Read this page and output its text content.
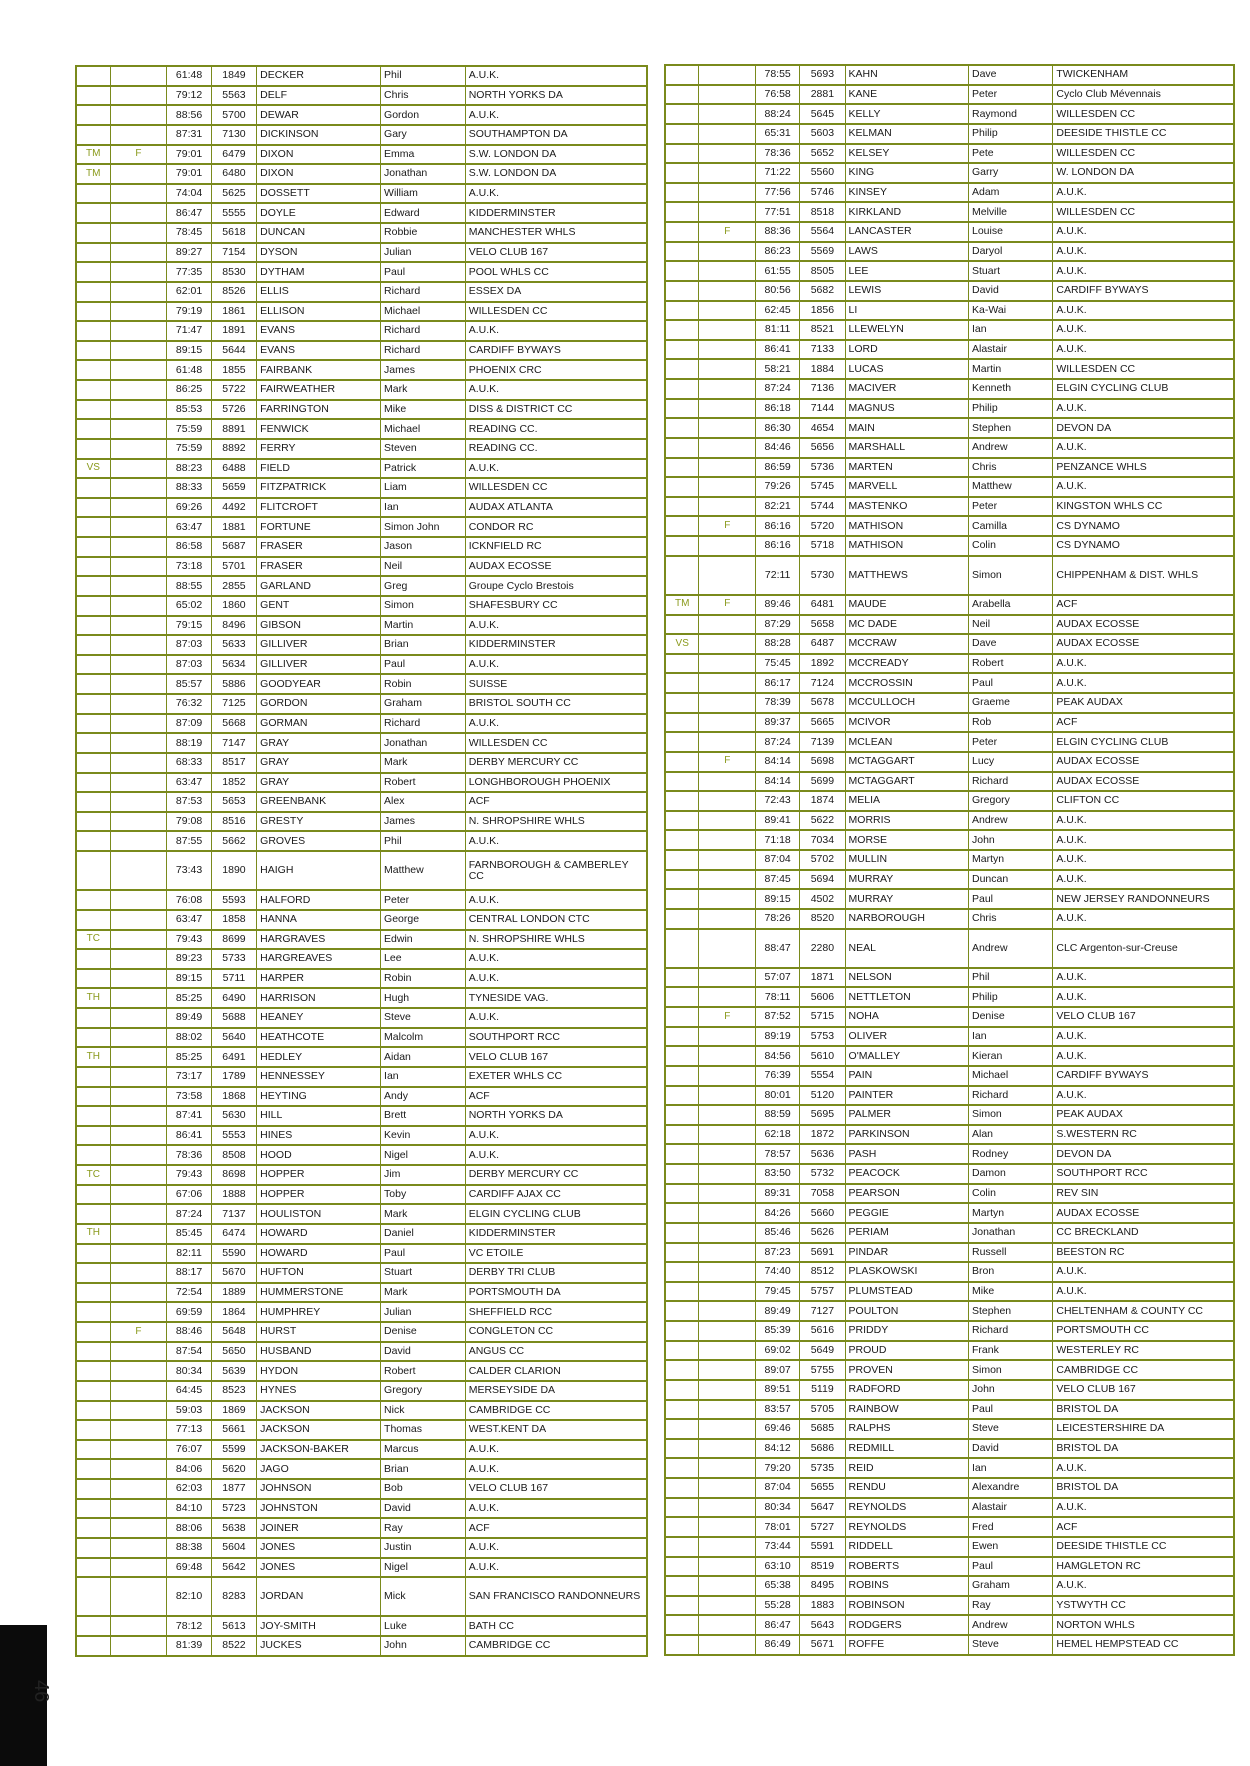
		61:48	1849	DECKER	Phil	A.U.K.
		79:12	5563	DELF	Chris	NORTH YORKS DA
		88:56	5700	DEWAR	Gordon	A.U.K.
		87:31	7130	DICKINSON	Gary	SOUTHAMPTON DA
TM	F	79:01	6479	DIXON	Emma	S.W. LONDON DA
TM		79:01	6480	DIXON	Jonathan	S.W. LONDON DA
		74:04	5625	DOSSETT	William	A.U.K.
		86:47	5555	DOYLE	Edward	KIDDERMINSTER
		78:45	5618	DUNCAN	Robbie	MANCHESTER WHLS
		89:27	7154	DYSON	Julian	VELO CLUB 167
		77:35	8530	DYTHAM	Paul	POOL WHLS CC
		62:01	8526	ELLIS	Richard	ESSEX DA
		79:19	1861	ELLISON	Michael	WILLESDEN CC
		71:47	1891	EVANS	Richard	A.U.K.
		89:15	5644	EVANS	Richard	CARDIFF BYWAYS
		61:48	1855	FAIRBANK	James	PHOENIX CRC
		86:25	5722	FAIRWEATHER	Mark	A.U.K.
		85:53	5726	FARRINGTON	Mike	DISS & DISTRICT CC
		75:59	8891	FENWICK	Michael	READING CC.
		75:59	8892	FERRY	Steven	READING CC.
VS		88:23	6488	FIELD	Patrick	A.U.K.
		88:33	5659	FITZPATRICK	Liam	WILLESDEN CC
		69:26	4492	FLITCROFT	Ian	AUDAX ATLANTA
		63:47	1881	FORTUNE	Simon John	CONDOR RC
		86:58	5687	FRASER	Jason	ICKNFIELD RC
		73:18	5701	FRASER	Neil	AUDAX ECOSSE
		88:55	2855	GARLAND	Greg	Groupe Cyclo Brestois
		65:02	1860	GENT	Simon	SHAFESBURY CC
		79:15	8496	GIBSON	Martin	A.U.K.
		87:03	5633	GILLIVER	Brian	KIDDERMINSTER
		87:03	5634	GILLIVER	Paul	A.U.K.
		85:57	5886	GOODYEAR	Robin	SUISSE
		76:32	7125	GORDON	Graham	BRISTOL SOUTH CC
		87:09	5668	GORMAN	Richard	A.U.K.
		88:19	7147	GRAY	Jonathan	WILLESDEN CC
		68:33	8517	GRAY	Mark	DERBY MERCURY CC
		63:47	1852	GRAY	Robert	LONGHBOROUGH PHOENIX
		87:53	5653	GREENBANK	Alex	ACF
		79:08	8516	GRESTY	James	N. SHROPSHIRE WHLS
		87:55	5662	GROVES	Phil	A.U.K.
		73:43	1890	HAIGH	Matthew	FARNBOROUGH & CAMBERLEY CC
		76:08	5593	HALFORD	Peter	A.U.K.
		63:47	1858	HANNA	George	CENTRAL LONDON CTC
TC		79:43	8699	HARGRAVES	Edwin	N. SHROPSHIRE WHLS
		89:23	5733	HARGREAVES	Lee	A.U.K.
		89:15	5711	HARPER	Robin	A.U.K.
TH		85:25	6490	HARRISON	Hugh	TYNESIDE VAG.
		89:49	5688	HEANEY	Steve	A.U.K.
		88:02	5640	HEATHCOTE	Malcolm	SOUTHPORT RCC
TH		85:25	6491	HEDLEY	Aidan	VELO CLUB 167
		73:17	1789	HENNESSEY	Ian	EXETER WHLS CC
		73:58	1868	HEYTING	Andy	ACF
		87:41	5630	HILL	Brett	NORTH YORKS DA
		86:41	5553	HINES	Kevin	A.U.K.
		78:36	8508	HOOD	Nigel	A.U.K.
TC		79:43	8698	HOPPER	Jim	DERBY MERCURY CC
		67:06	1888	HOPPER	Toby	CARDIFF AJAX CC
		87:24	7137	HOULISTON	Mark	ELGIN CYCLING CLUB
TH		85:45	6474	HOWARD	Daniel	KIDDERMINSTER
		82:11	5590	HOWARD	Paul	VC ETOILE
		88:17	5670	HUFTON	Stuart	DERBY TRI CLUB
		72:54	1889	HUMMERSTONE	Mark	PORTSMOUTH DA
		69:59	1864	HUMPHREY	Julian	SHEFFIELD RCC
	F	88:46	5648	HURST	Denise	CONGLETON CC
		87:54	5650	HUSBAND	David	ANGUS CC
		80:34	5639	HYDON	Robert	CALDER CLARION
		64:45	8523	HYNES	Gregory	MERSEYSIDE DA
		59:03	1869	JACKSON	Nick	CAMBRIDGE CC
		77:13	5661	JACKSON	Thomas	WEST.KENT DA
		76:07	5599	JACKSON-BAKER	Marcus	A.U.K.
		84:06	5620	JAGO	Brian	A.U.K.
		62:03	1877	JOHNSON	Bob	VELO CLUB 167
		84:10	5723	JOHNSTON	David	A.U.K.
		88:06	5638	JOINER	Ray	ACF
		88:38	5604	JONES	Justin	A.U.K.
		69:48	5642	JONES	Nigel	A.U.K.
		82:10	8283	JORDAN	Mick	SAN FRANCISCO RANDONNEURS
		78:12	5613	JOY-SMITH	Luke	BATH CC
		81:39	8522	JUCKES	John	CAMBRIDGE CC
		78:55	5693	KAHN	Dave	TWICKENHAM
		76:58	2881	KANE	Peter	Cyclo Club Mévennais
		88:24	5645	KELLY	Raymond	WILLESDEN CC
		65:31	5603	KELMAN	Philip	DEESIDE THISTLE CC
		78:36	5652	KELSEY	Pete	WILLESDEN CC
		71:22	5560	KING	Garry	W. LONDON DA
		77:56	5746	KINSEY	Adam	A.U.K.
		77:51	8518	KIRKLAND	Melville	WILLESDEN CC
	F	88:36	5564	LANCASTER	Louise	A.U.K.
		86:23	5569	LAWS	Daryol	A.U.K.
		61:55	8505	LEE	Stuart	A.U.K.
		80:56	5682	LEWIS	David	CARDIFF BYWAYS
		62:45	1856	LI	Ka-Wai	A.U.K.
		81:11	8521	LLEWELYN	Ian	A.U.K.
		86:41	7133	LORD	Alastair	A.U.K.
		58:21	1884	LUCAS	Martin	WILLESDEN CC
		87:24	7136	MACIVER	Kenneth	ELGIN CYCLING CLUB
		86:18	7144	MAGNUS	Philip	A.U.K.
		86:30	4654	MAIN	Stephen	DEVON DA
		84:46	5656	MARSHALL	Andrew	A.U.K.
		86:59	5736	MARTEN	Chris	PENZANCE WHLS
		79:26	5745	MARVELL	Matthew	A.U.K.
		82:21	5744	MASTENKO	Peter	KINGSTON WHLS CC
	F	86:16	5720	MATHISON	Camilla	CS DYNAMO
		86:16	5718	MATHISON	Colin	CS DYNAMO
		72:11	5730	MATTHEWS	Simon	CHIPPENHAM & DIST. WHLS
TM	F	89:46	6481	MAUDE	Arabella	ACF
		87:29	5658	MC DADE	Neil	AUDAX ECOSSE
VS		88:28	6487	MCCRAW	Dave	AUDAX ECOSSE
		75:45	1892	MCCREADY	Robert	A.U.K.
		86:17	7124	MCCROSSIN	Paul	A.U.K.
		78:39	5678	MCCULLOCH	Graeme	PEAK AUDAX
		89:37	5665	MCIVOR	Rob	ACF
		87:24	7139	MCLEAN	Peter	ELGIN CYCLING CLUB
	F	84:14	5698	MCTAGGART	Lucy	AUDAX ECOSSE
		84:14	5699	MCTAGGART	Richard	AUDAX ECOSSE
		72:43	1874	MELIA	Gregory	CLIFTON CC
		89:41	5622	MORRIS	Andrew	A.U.K.
		71:18	7034	MORSE	John	A.U.K.
		87:04	5702	MULLIN	Martyn	A.U.K.
		87:45	5694	MURRAY	Duncan	A.U.K.
		89:15	4502	MURRAY	Paul	NEW JERSEY RANDONNEURS
		78:26	8520	NARBOROUGH	Chris	A.U.K.
		88:47	2280	NEAL	Andrew	CLC Argenton-sur-Creuse
		57:07	1871	NELSON	Phil	A.U.K.
		78:11	5606	NETTLETON	Philip	A.U.K.
	F	87:52	5715	NOHA	Denise	VELO CLUB 167
		89:19	5753	OLIVER	Ian	A.U.K.
		84:56	5610	O'MALLEY	Kieran	A.U.K.
		76:39	5554	PAIN	Michael	CARDIFF BYWAYS
		80:01	5120	PAINTER	Richard	A.U.K.
		88:59	5695	PALMER	Simon	PEAK AUDAX
		62:18	1872	PARKINSON	Alan	S.WESTERN RC
		78:57	5636	PASH	Rodney	DEVON DA
		83:50	5732	PEACOCK	Damon	SOUTHPORT RCC
		89:31	7058	PEARSON	Colin	REV SIN
		84:26	5660	PEGGIE	Martyn	AUDAX ECOSSE
		85:46	5626	PERIAM	Jonathan	CC BRECKLAND
		87:23	5691	PINDAR	Russell	BEESTON RC
		74:40	8512	PLASKOWSKI	Bron	A.U.K.
		79:45	5757	PLUMSTEAD	Mike	A.U.K.
		89:49	7127	POULTON	Stephen	CHELTENHAM & COUNTY CC
		85:39	5616	PRIDDY	Richard	PORTSMOUTH CC
		69:02	5649	PROUD	Frank	WESTERLEY RC
		89:07	5755	PROVEN	Simon	CAMBRIDGE CC
		89:51	5119	RADFORD	John	VELO CLUB 167
		83:57	5705	RAINBOW	Paul	BRISTOL DA
		69:46	5685	RALPHS	Steve	LEICESTERSHIRE DA
		84:12	5686	REDMILL	David	BRISTOL DA
		79:20	5735	REID	Ian	A.U.K.
		87:04	5655	RENDU	Alexandre	BRISTOL DA
		80:34	5647	REYNOLDS	Alastair	A.U.K.
		78:01	5727	REYNOLDS	Fred	ACF
		73:44	5591	RIDDELL	Ewen	DEESIDE THISTLE CC
		63:10	8519	ROBERTS	Paul	HAMGLETON RC
		65:38	8495	ROBINS	Graham	A.U.K.
		55:28	1883	ROBINSON	Ray	YSTWYTH CC
		86:47	5643	RODGERS	Andrew	NORTON WHLS
		86:49	5671	ROFFE	Steve	HEMEL HEMPSTEAD CC
46
